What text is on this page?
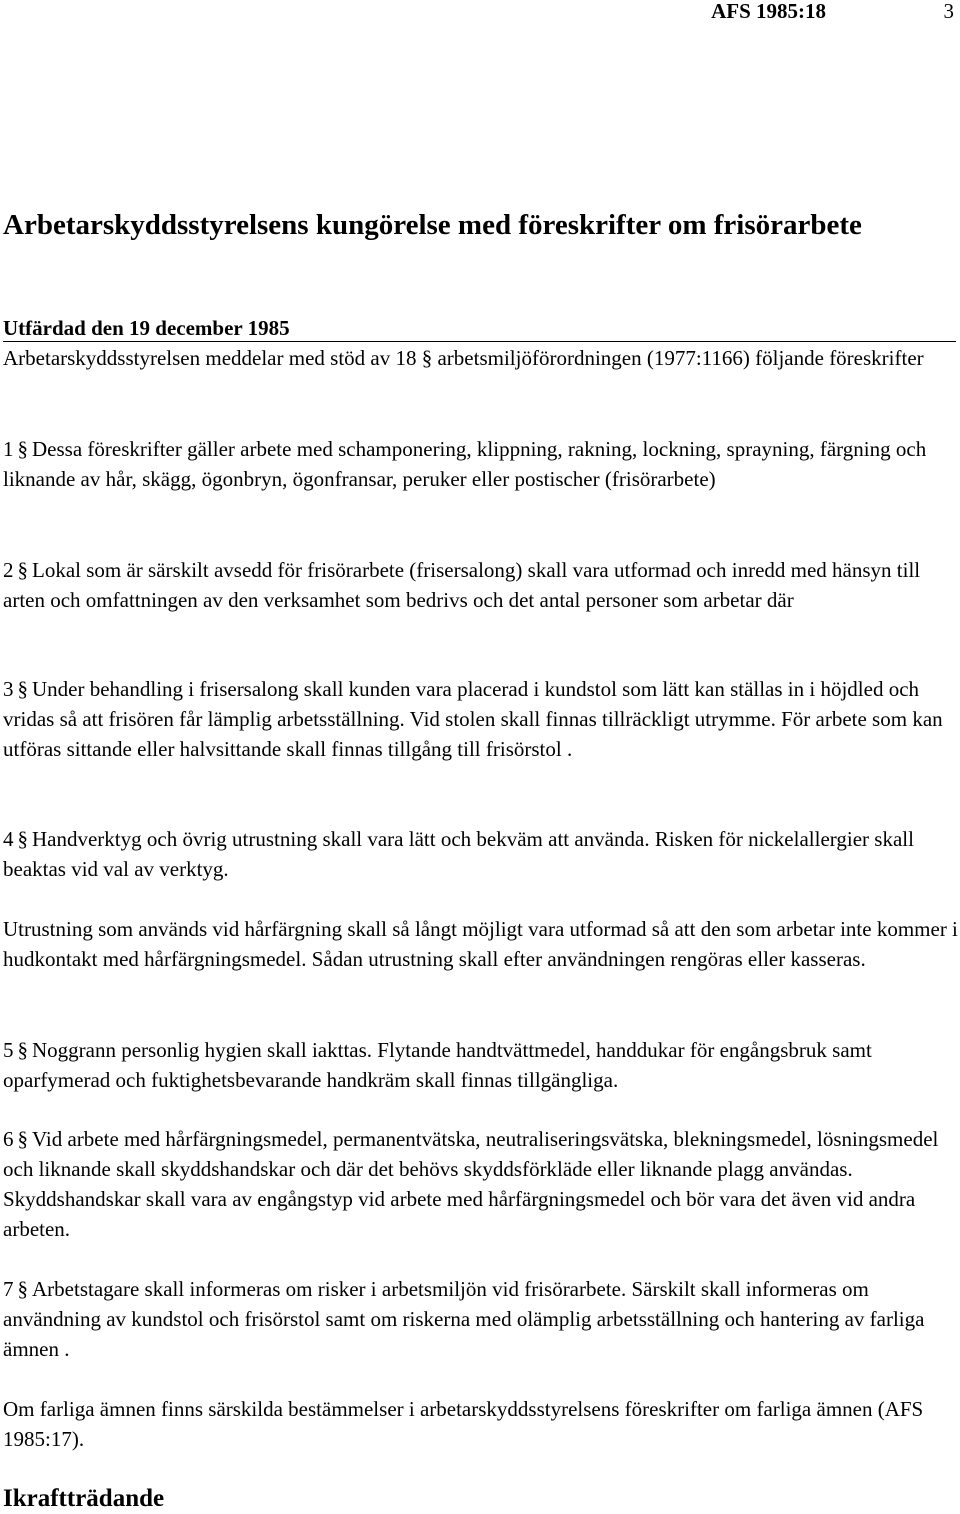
AFS 1985:18	3
Arbetarskyddsstyrelsens kungörelse med föreskrifter om frisörarbete
Utfärdad den 19 december 1985

Arbetarskyddsstyrelsen meddelar med stöd av 18 § arbetsmiljöförordningen (1977:1166) följande föreskrifter

1 § Dessa föreskrifter gäller arbete med schamponering, klippning, rakning, lockning, sprayning, färgning och liknande av hår, skägg, ögonbryn, ögonfransar, peruker eller postischer (frisörarbete)

2 § Lokal som är särskilt avsedd för frisörarbete (frisersalong) skall vara utformad och inredd med hänsyn till arten och omfattningen av den verksamhet som bedrivs och det antal personer som arbetar där

3 § Under behandling i frisersalong skall kunden vara placerad i kundstol som lätt kan ställas in i höjdled och vridas så att frisören får lämplig arbetsställning. Vid stolen skall finnas tillräckligt utrymme. För arbete som kan utföras sittande eller halvsittande skall finnas tillgång till frisörstol .

4 § Handverktyg och övrig utrustning skall vara lätt och bekväm att använda. Risken för nickelallergier skall beaktas vid val av verktyg.

Utrustning som används vid hårfärgning skall så långt möjligt vara utformad så att den som arbetar inte kommer i hudkontakt med hårfärgningsmedel. Sådan utrustning skall efter användningen rengöras eller kasseras.

5 § Noggrann personlig hygien skall iakttas. Flytande handtvättmedel, handdukar för engångsbruk samt oparfymerad och fuktighetsbevarande handkräm skall finnas tillgängliga.

6 § Vid arbete med hårfärgningsmedel, permanentvätska, neutraliseringsvätska, blekningsmedel, lösningsmedel och liknande skall skyddshandskar och där det behövs skyddsförkläde eller liknande plagg användas. Skyddshandskar skall vara av engångstyp vid arbete med hårfärgningsmedel och bör vara det även vid andra arbeten.

7 § Arbetstagare skall informeras om risker i arbetsmiljön vid frisörarbete. Särskilt skall informeras om användning av kundstol och frisörstol samt om riskerna med olämplig arbetsställning och hantering av farliga ämnen .

Om farliga ämnen finns särskilda bestämmelser i arbetarskyddsstyrelsens föreskrifter om farliga ämnen (AFS 1985:17).

Ikraftträdande
